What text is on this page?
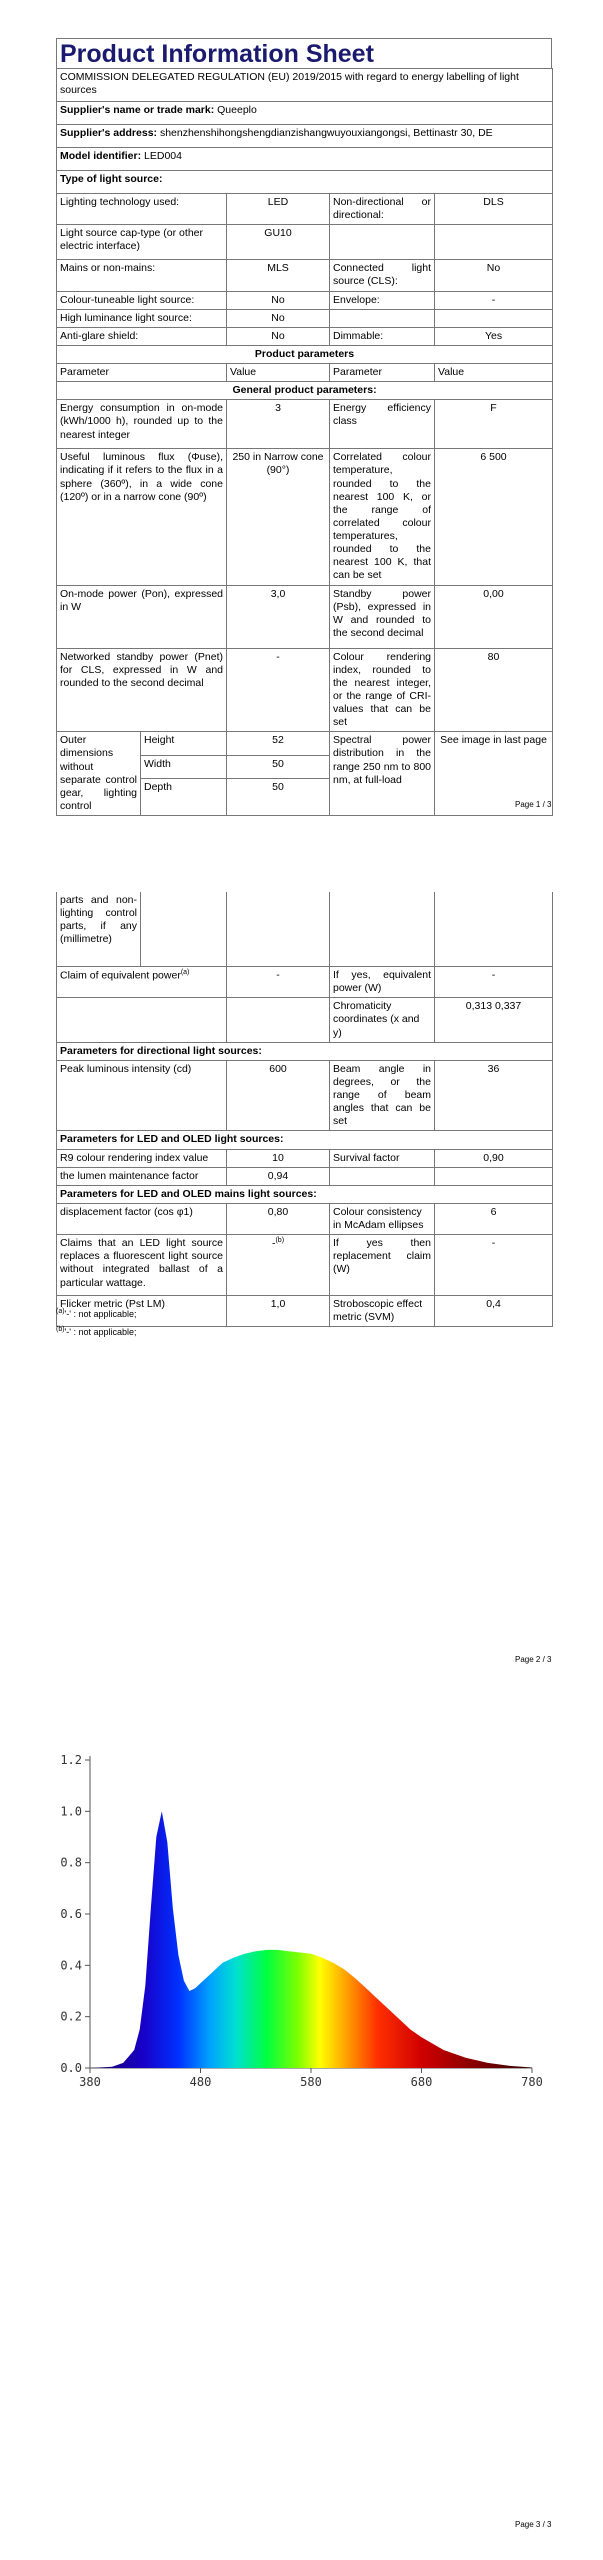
Product Information Sheet
COMMISSION DELEGATED REGULATION (EU) 2019/2015 with regard to energy labelling of light sources				
Supplier's name or trade mark: Queeplo				
Supplier's address: shenzhenshihongshengdianzishangwuyouxiangongsi, Bettinastr 30, DE				
Model identifier: LED004				
Type of light source:				
Lighting technology used:		LED	Non-directional or directional:	DLS
Light source cap-type (or other electric interface)		GU10		
Mains or non-mains:		MLS	Connected light source (CLS):	No
Colour-tuneable light source:		No	Envelope:	-
High luminance light source:		No		
Anti-glare shield:		No	Dimmable:	Yes
Product parameters				
Parameter		Value	Parameter	Value
General product parameters:				
Energy consumption in on-mode (kWh/1000 h), rounded up to the nearest integer		3	Energy efficiency class	F
Useful luminous flux (Φuse), indicating if it refers to the flux in a sphere (360º), in a wide cone (120º) or in a narrow cone (90º)		250 in Narrow cone (90°)	Correlated colour temperature, rounded to the nearest 100 K, or the range of correlated colour temperatures, rounded to the nearest 100 K, that can be set	6 500
On-mode power (Pon), expressed in W		3,0	Standby power (Psb), expressed in W and rounded to the second decimal	0,00
Networked standby power (Pnet) for CLS, expressed in W and rounded to the second decimal		-	Colour rendering index, rounded to the nearest integer, or the range of CRI-values that can be set	80
Outer dimensions without separate control gear, lighting control	Height	52	Spectral power distribution in the range 250 nm to 800 nm, at full-load	See image in last page
	Width	50		
	Depth	50		
Page 1 / 3
parts and non-lighting control parts, if any (millimetre)				
Claim of equivalent power$^{(a)}$		-	If yes, equivalent power (W)	-
			Chromaticity coordinates (x and y)	0,313 0,337
Parameters for directional light sources:				
Peak luminous intensity (cd)		600	Beam angle in degrees, or the range of beam angles that can be set	36
Parameters for LED and OLED light sources:				
R9 colour rendering index value		10	Survival factor	0,90
the lumen maintenance factor		0,94		
Parameters for LED and OLED mains light sources:				
displacement factor (cos φ1)		0,80	Colour consistency in McAdam ellipses	6
Claims that an LED light source replaces a fluorescent light source without integrated ballast of a particular wattage.		-$^{(b)}$	If yes then replacement claim (W)	-
Flicker metric (Pst LM)		1,0	Stroboscopic effect metric (SVM)	0,4
$^{(a)}$'-' : not applicable;
$^{(b)}$'-' : not applicable;
Page 2 / 3
0.0
0.2
0.4
0.6
0.8
1.0
1.2
380	480	580	680	780
Page 3 / 3
